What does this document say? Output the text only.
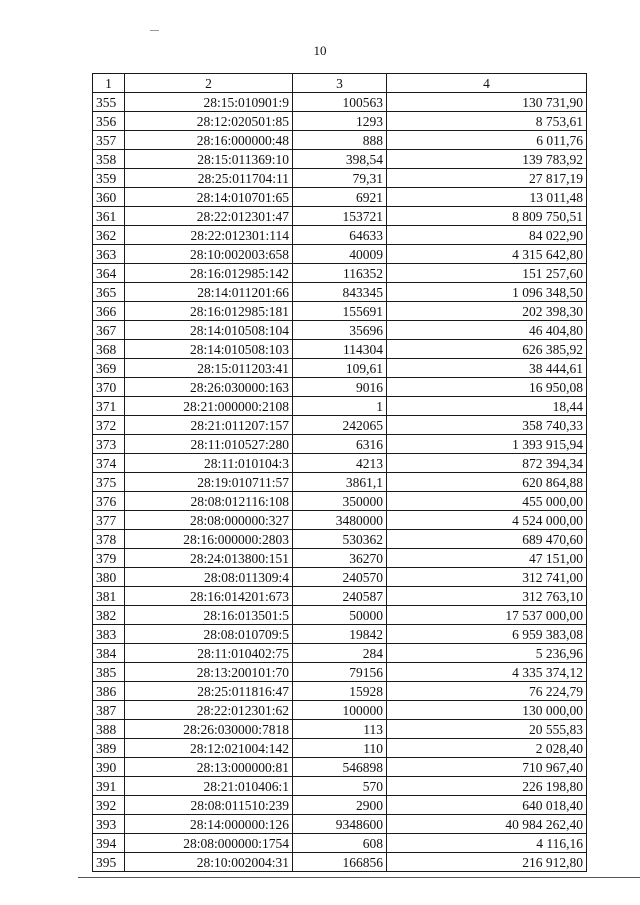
10
1	2	3	4
355	28:15:010901:9	100563	130 731,90
356	28:12:020501:85	1293	8 753,61
357	28:16:000000:48	888	6 011,76
358	28:15:011369:10	398,54	139 783,92
359	28:25:011704:11	79,31	27 817,19
360	28:14:010701:65	6921	13 011,48
361	28:22:012301:47	153721	8 809 750,51
362	28:22:012301:114	64633	84 022,90
363	28:10:002003:658	40009	4 315 642,80
364	28:16:012985:142	116352	151 257,60
365	28:14:011201:66	843345	1 096 348,50
366	28:16:012985:181	155691	202 398,30
367	28:14:010508:104	35696	46 404,80
368	28:14:010508:103	114304	626 385,92
369	28:15:011203:41	109,61	38 444,61
370	28:26:030000:163	9016	16 950,08
371	28:21:000000:2108	1	18,44
372	28:21:011207:157	242065	358 740,33
373	28:11:010527:280	6316	1 393 915,94
374	28:11:010104:3	4213	872 394,34
375	28:19:010711:57	3861,1	620 864,88
376	28:08:012116:108	350000	455 000,00
377	28:08:000000:327	3480000	4 524 000,00
378	28:16:000000:2803	530362	689 470,60
379	28:24:013800:151	36270	47 151,00
380	28:08:011309:4	240570	312 741,00
381	28:16:014201:673	240587	312 763,10
382	28:16:013501:5	50000	17 537 000,00
383	28:08:010709:5	19842	6 959 383,08
384	28:11:010402:75	284	5 236,96
385	28:13:200101:70	79156	4 335 374,12
386	28:25:011816:47	15928	76 224,79
387	28:22:012301:62	100000	130 000,00
388	28:26:030000:7818	113	20 555,83
389	28:12:021004:142	110	2 028,40
390	28:13:000000:81	546898	710 967,40
391	28:21:010406:1	570	226 198,80
392	28:08:011510:239	2900	640 018,40
393	28:14:000000:126	9348600	40 984 262,40
394	28:08:000000:1754	608	4 116,16
395	28:10:002004:31	166856	216 912,80
